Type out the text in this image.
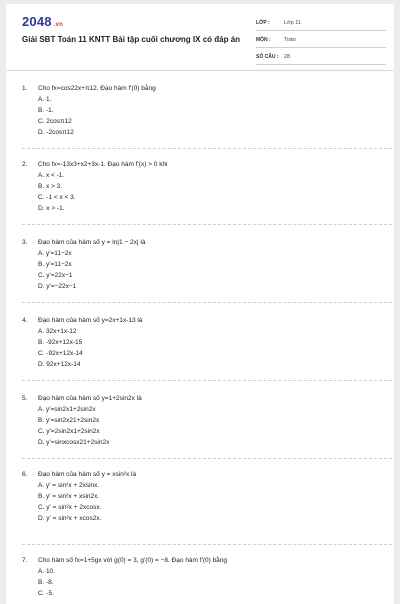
2048 .vn
Giải SBT Toán 11 KNTT Bài tập cuối chương IX có đáp án
LỚP :	Lớp 11
MÔN :	Toán
SỐ CÂU :	28
1.	Cho fx=cos22x+π12. Đạo hàm f'(0) bằng
A. 1.
B. -1.
C. 2cosπ12
D. -2cosπ12
2.	Cho fx=-13x3+x2+3x-1. Đạo hàm f'(x) > 0 khi
A. x < -1.
B. x > 3.
C. -1 < x < 3.
D. x > -1.
3.	Đạo hàm của hàm số y = ln|1 − 2x| là
A. y'=11−2x
B. y'=11−2x
C. y'=22x−1
D. y'=−22x−1
4.	Đạo hàm của hàm số y=2x+1x-13 là
A. 32x+1x-12
B. -92x+12x-15
C. -92x+12x-14
D. 92x+12x-14
5.	Đạo hàm của hàm số y=1+2sin2x là
A. y'=sin2x1+2sin2x
B. y'=sin2x21+2sin2x
C. y'=2sin2x1+2sin2x
D. y'=sinxcosx21+2sin2x
6.	Đạo hàm của hàm số y = xsin²x là
A. y' = sin²x + 2xsinx.
B. y' = sin²x + xsin2x.
C. y' = sin²x + 2xcosx.
D. y' = sin²x + xcos2x.
7.	Cho hàm số fx=1+5gx với g(0) = 3, g'(0) = −8. Đạo hàm f'(0) bằng
A. 10.
B. -8.
C. -5.
